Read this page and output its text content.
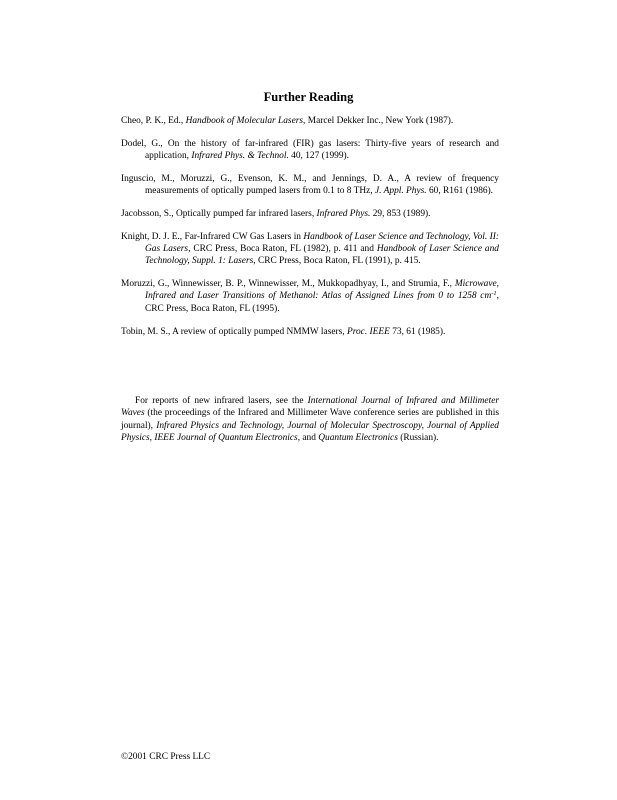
Further Reading
Cheo, P. K., Ed., Handbook of Molecular Lasers, Marcel Dekker Inc., New York (1987).
Dodel, G., On the history of far-infrared (FIR) gas lasers: Thirty-five years of research and application, Infrared Phys. & Technol. 40, 127 (1999).
Inguscio, M., Moruzzi, G., Evenson, K. M., and Jennings, D. A., A review of frequency measurements of optically pumped lasers from 0.1 to 8 THz, J. Appl. Phys. 60, R161 (1986).
Jacobsson, S., Optically pumped far infrared lasers, Infrared Phys. 29, 853 (1989).
Knight, D. J. E., Far-Infrared CW Gas Lasers in Handbook of Laser Science and Technology, Vol. II: Gas Lasers, CRC Press, Boca Raton, FL (1982), p. 411 and Handbook of Laser Science and Technology, Suppl. 1: Lasers, CRC Press, Boca Raton, FL (1991), p. 415.
Moruzzi, G., Winnewisser, B. P., Winnewisser, M., Mukkopadhyay, I., and Strumia, F., Microwave, Infrared and Laser Transitions of Methanol: Atlas of Assigned Lines from 0 to 1258 $cm^{-1}$, CRC Press, Boca Raton, FL (1995).
Tobin, M. S., A review of optically pumped NMMW lasers, Proc. IEEE 73, 61 (1985).
For reports of new infrared lasers, see the International Journal of Infrared and Millimeter Waves (the proceedings of the Infrared and Millimeter Wave conference series are published in this journal), Infrared Physics and Technology, Journal of Molecular Spectroscopy, Journal of Applied Physics, IEEE Journal of Quantum Electronics, and Quantum Electronics (Russian).
©2001 CRC Press LLC
